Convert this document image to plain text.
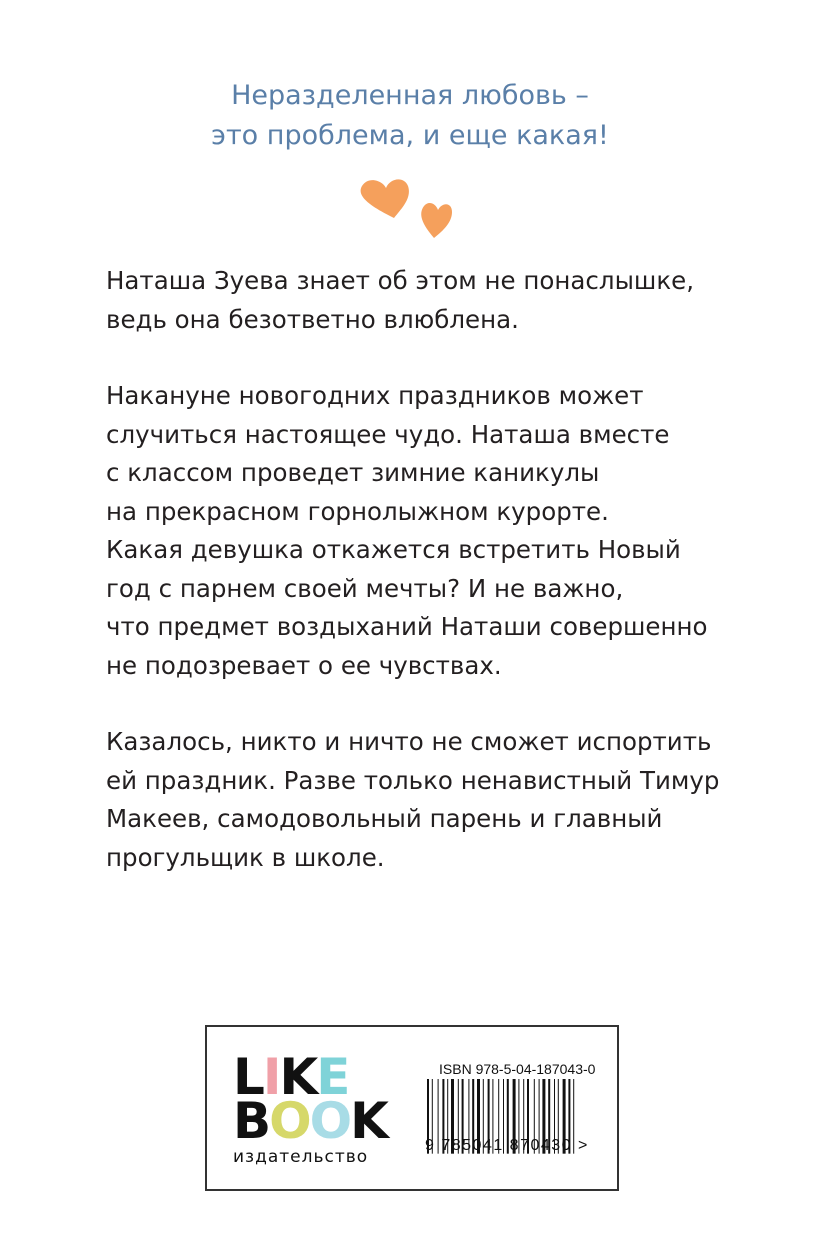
Неразделенная любовь –
это проблема, и еще какая!
Наташа Зуева знает об этом не понаслышке,
ведь она безответно влюблена.
Накануне новогодних праздников может
случиться настоящее чудо. Наташа вместе
с классом проведет зимние каникулы
на прекрасном горнолыжном курорте.
Какая девушка откажется встретить Новый
год с парнем своей мечты? И не важно,
что предмет воздыханий Наташи совершенно
не подозревает о ее чувствах.
Казалось, никто и ничто не сможет испортить
ей праздник. Разве только ненавистный Тимур
Макеев, самодовольный парень и главный
прогульщик в школе.
L I K E
B O O K
издательство
ISBN 978-5-04-187043-0
9 785041 870430 >
